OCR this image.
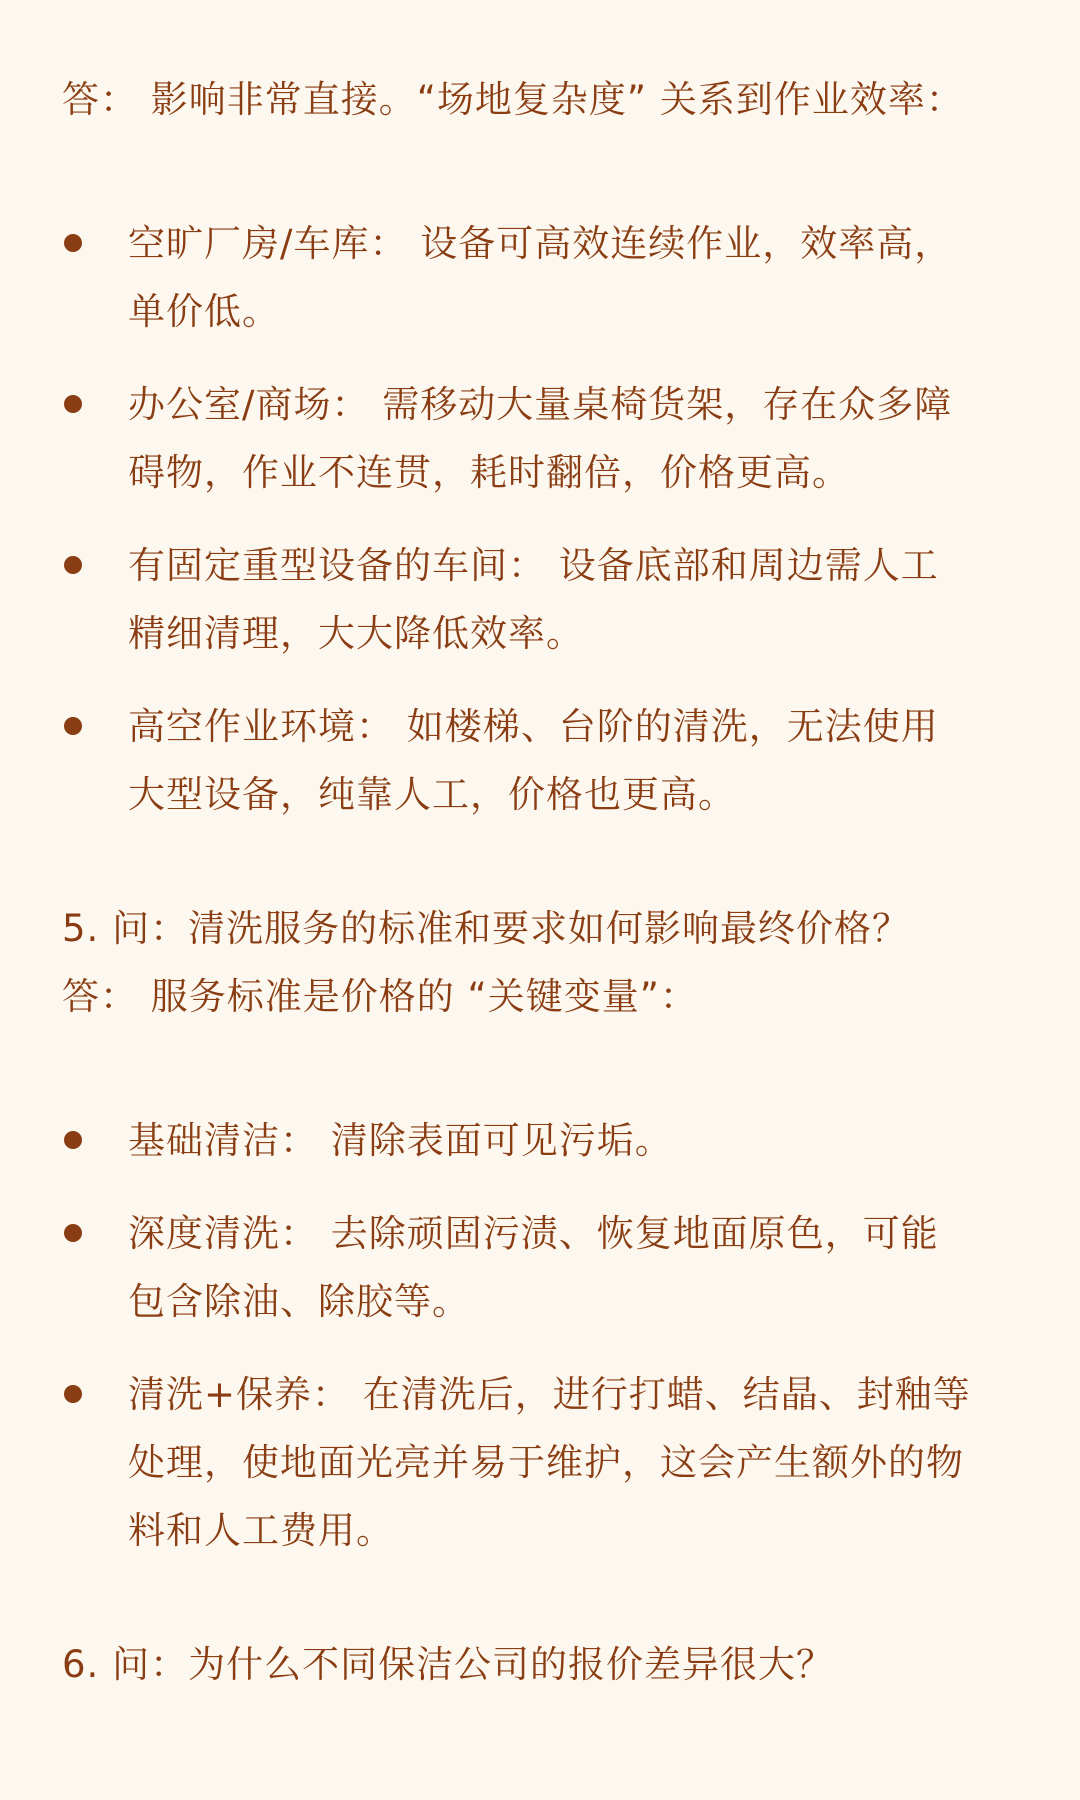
答： 影响非常直接。“场地复杂度” 关系到作业效率：
空旷厂房/车库： 设备可高效连续作业，效率高，
单价低。
办公室/商场： 需移动大量桌椅货架，存在众多障
碍物，作业不连贯，耗时翻倍，价格更高。
有固定重型设备的车间： 设备底部和周边需人工
精细清理，大大降低效率。
高空作业环境： 如楼梯、台阶的清洗，无法使用
大型设备，纯靠人工，价格也更高。
5. 问：清洗服务的标准和要求如何影响最终价格？
答： 服务标准是价格的 “关键变量”：
基础清洁： 清除表面可见污垢。
深度清洗： 去除顽固污渍、恢复地面原色，可能
包含除油、除胶等。
清洗+保养： 在清洗后，进行打蜡、结晶、封釉等
处理，使地面光亮并易于维护，这会产生额外的物
料和人工费用。
6. 问：为什么不同保洁公司的报价差异很大？
